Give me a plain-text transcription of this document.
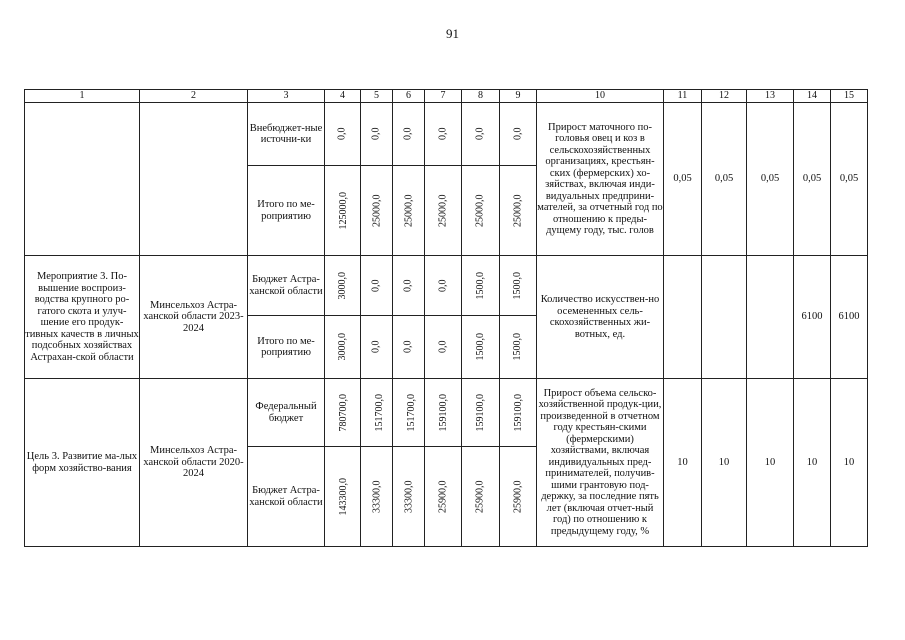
91
1	2	3	4	5	6	7	8	9	10	11	12	13	14	15
		Внебюджет-ные источни-ки	0,0	0,0	0,0	0,0	0,0	0,0	Прирост маточного по-головья овец и коз в сельскохозяйственных организациях, крестьян-ских (фермерских) хо-зяйствах, включая инди-видуальных предприни-мателей, за отчетный год по отношению к преды-дущему году, тыс. голов	0,05	0,05	0,05	0,05	0,05
		Итого по ме-роприятию	125000,0	25000,0	25000,0	25000,0	25000,0	25000,0						
Мероприятие 3. По-вышение воспроиз-водства крупного ро-гатого скота и улуч-шение его продук-тивных качеств в личных подсобных хозяйствах Астрахан-ской области	Минсельхоз Астра-ханской области 2023-2024	Бюджет Астра-ханской области	3000,0	0,0	0,0	0,0	1500,0	1500,0	Количество искусствен-но осемененных сель-скохозяйственных жи-вотных, ед.				6100	6100
		Итого по ме-роприятию	3000,0	0,0	0,0	0,0	1500,0	1500,0						
Цель 3. Развитие ма-лых форм хозяйство-вания	Минсельхоз Астра-ханской области 2020-2024	Федеральный бюджет	780700,0	151700,0	151700,0	159100,0	159100,0	159100,0	Прирост объема сельско-хозяйственной продук-ции, произведенной в отчетном году крестьян-скими (фермерскими) хозяйствами, включая индивидуальных пред-принимателей, получив-шими грантовую под-держку, за последние пять лет (включая отчет-ный год) по отношению к предыдущему году, %	10	10	10	10	10
		Бюджет Астра-ханской области	143300,0	33300,0	33300,0	25900,0	25900,0	25900,0						
